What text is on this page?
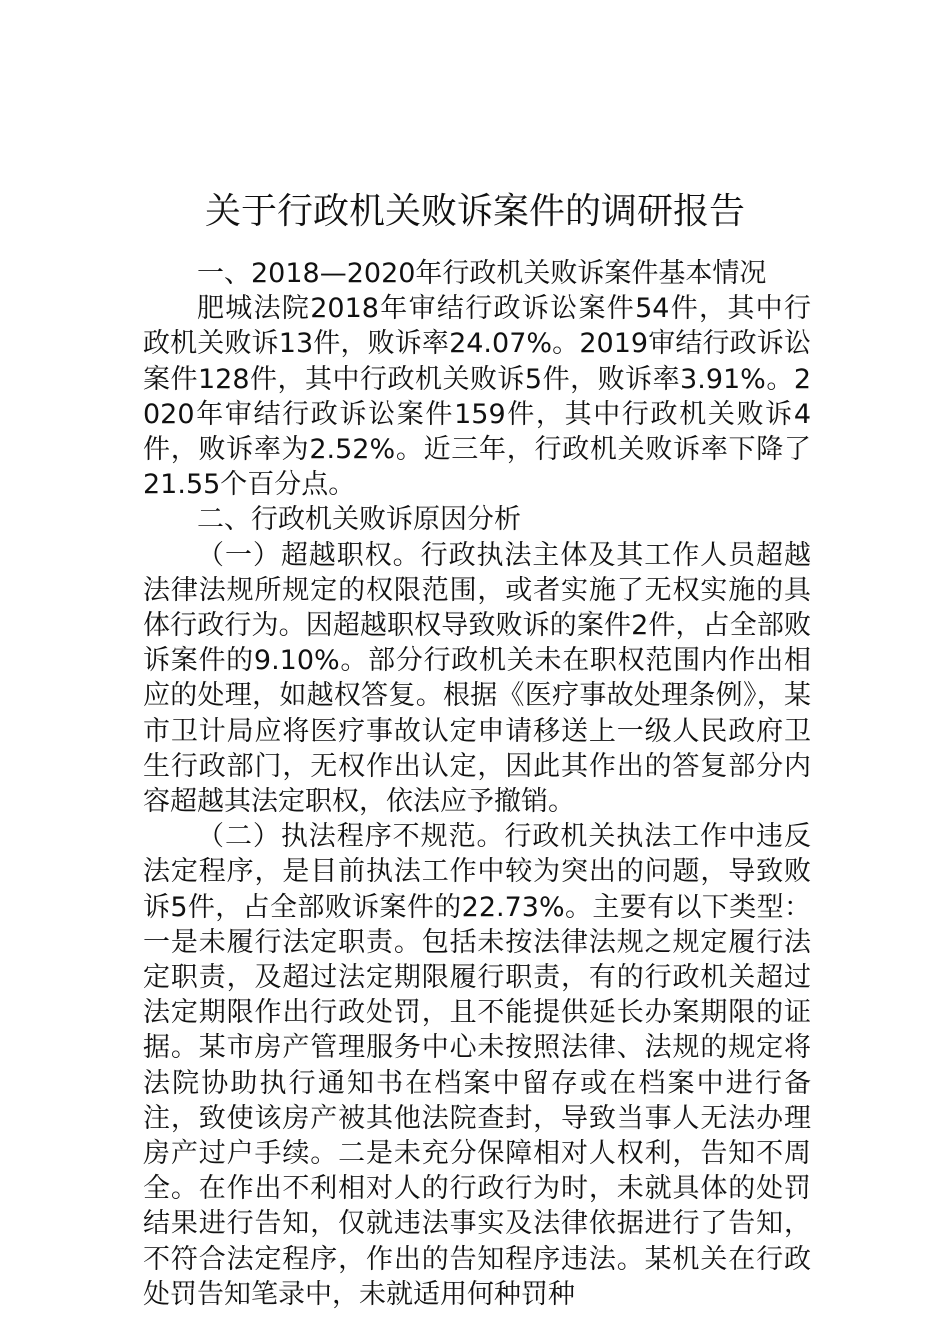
关于行政机关败诉案件的调研报告

一、2018—2020年行政机关败诉案件基本情况

肥城法院2018年审结行政诉讼案件54件，其中行政机关败诉13件，败诉率24.07%。2019审结行政诉讼案件128件，其中行政机关败诉5件，败诉率3.91%。2020年审结行政诉讼案件159件，其中行政机关败诉4件，败诉率为2.52%。近三年，行政机关败诉率下降了21.55个百分点。

二、行政机关败诉原因分析

（一）超越职权。行政执法主体及其工作人员超越法律法规所规定的权限范围，或者实施了无权实施的具体行政行为。因超越职权导致败诉的案件2件，占全部败诉案件的9.10%。部分行政机关未在职权范围内作出相应的处理，如越权答复。根据《医疗事故处理条例》，某市卫计局应将医疗事故认定申请移送上一级人民政府卫生行政部门，无权作出认定，因此其作出的答复部分内容超越其法定职权，依法应予撤销。

（二）执法程序不规范。行政机关执法工作中违反法定程序，是目前执法工作中较为突出的问题，导致败诉5件，占全部败诉案件的22.73%。主要有以下类型：一是未履行法定职责。包括未按法律法规之规定履行法定职责，及超过法定期限履行职责，有的行政机关超过法定期限作出行政处罚，且不能提供延长办案期限的证据。某市房产管理服务中心未按照法律、法规的规定将法院协助执行通知书在档案中留存或在档案中进行备注，致使该房产被其他法院查封，导致当事人无法办理房产过户手续。二是未充分保障相对人权利，告知不周全。在作出不利相对人的行政行为时，未就具体的处罚结果进行告知，仅就违法事实及法律依据进行了告知，不符合法定程序，作出的告知程序违法。某机关在行政处罚告知笔录中，未就适用何种罚种
